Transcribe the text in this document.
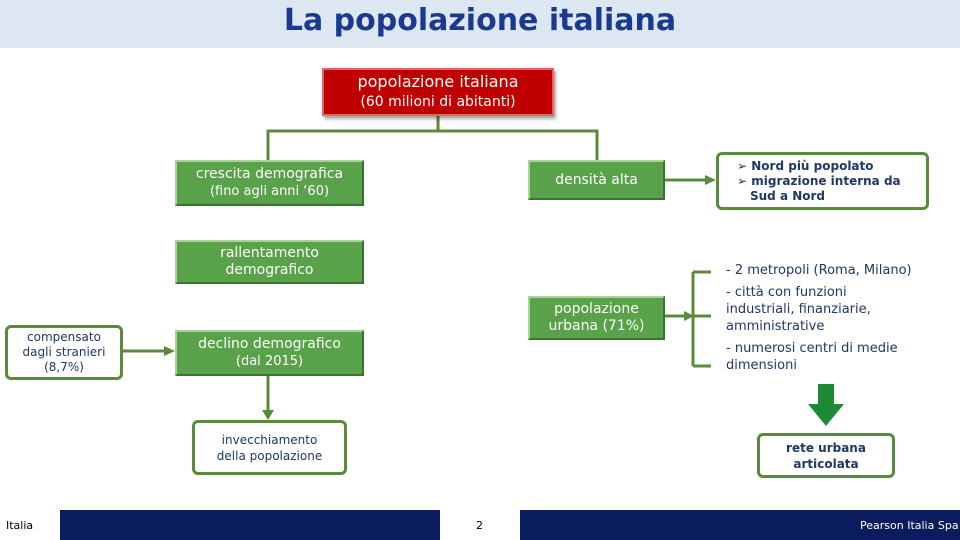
La popolazione italiana
popolazione italiana
(60 milioni di abitanti)
crescita demografica
(fino agli anni ‘60)
rallentamento
demografico
declino demografico
(dal 2015)
compensato
dagli stranieri
(8,7%)
invecchiamento
della popolazione
densità alta
➢ Nord più popolato
➢ migrazione interna da
Sud a Nord
popolazione
urbana (71%)
- 2 metropoli (Roma, Milano)
- città con funzioni
industriali, finanziarie,
amministrative
- numerosi centri di medie
dimensioni
rete urbana
articolata
Italia	2	Pearson Italia Spa
